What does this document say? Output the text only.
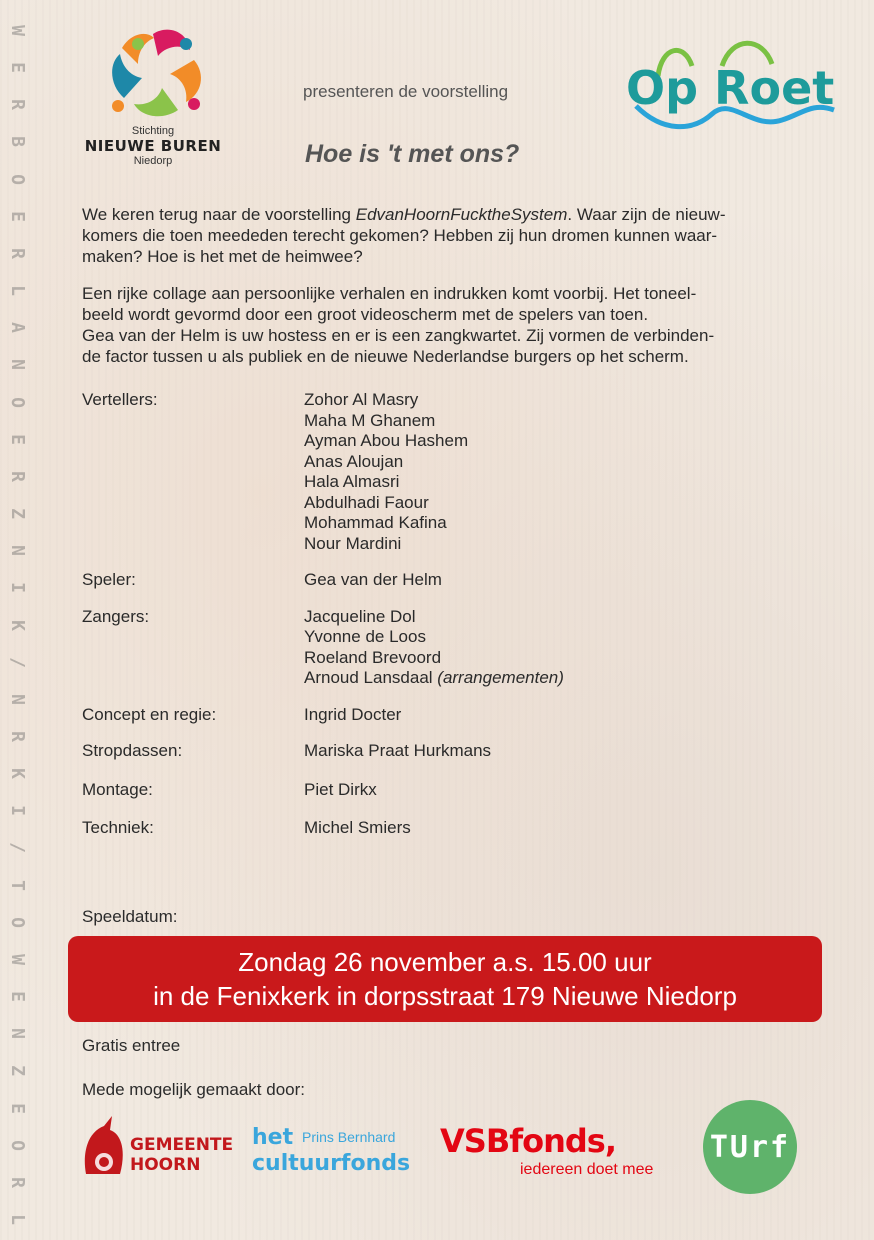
W
E
R
B
O
E
R
L
A
N
O
E
R
Z
N
I
K
/
N
R
K
I
/
T
O
W
E
N
Z
E
O
R
L
Stichting
NIEUWE BUREN
Niedorp
presenteren de voorstelling	Op Roet
Hoe is 't met ons?

We keren terug naar de voorstelling EdvanHoornFucktheSystem. Waar zijn de nieuw-

komers die toen meededen terecht gekomen? Hebben zij hun dromen kunnen waar-

maken? Hoe is het met de heimwee?

Een rijke collage aan persoonlijke verhalen en indrukken komt voorbij. Het toneel-

beeld wordt gevormd door een groot videoscherm met de spelers van toen.

Gea van der Helm is uw hostess en er is een zangkwartet. Zij vormen de verbinden-

de factor tussen u als publiek en de nieuwe Nederlandse burgers op het scherm.

Vertellers:	Zohor Al Masry
Maha M Ghanem
Ayman Abou Hashem
Anas Aloujan
Hala Almasri
Abdulhadi Faour
Mohammad Kafina
Nour Mardini
Speler:	Gea van der Helm
Zangers:	Jacqueline Dol
Yvonne de Loos
Roeland Brevoord
Arnoud Lansdaal (arrangementen)
Concept en regie:	Ingrid Docter
Stropdassen:	Mariska Praat Hurkmans
Montage:	Piet Dirkx
Techniek:	Michel Smiers
Speeldatum:
Zondag 26 november a.s. 15.00 uur
in de Fenixkerk in dorpsstraat 179 Nieuwe Niedorp
Gratis entree
Mede mogelijk gemaakt door:
GEMEENTE
HOORN
het Prins Bernhard
cultuurfonds
VSBfonds,
iedereen doet mee
TUrf
